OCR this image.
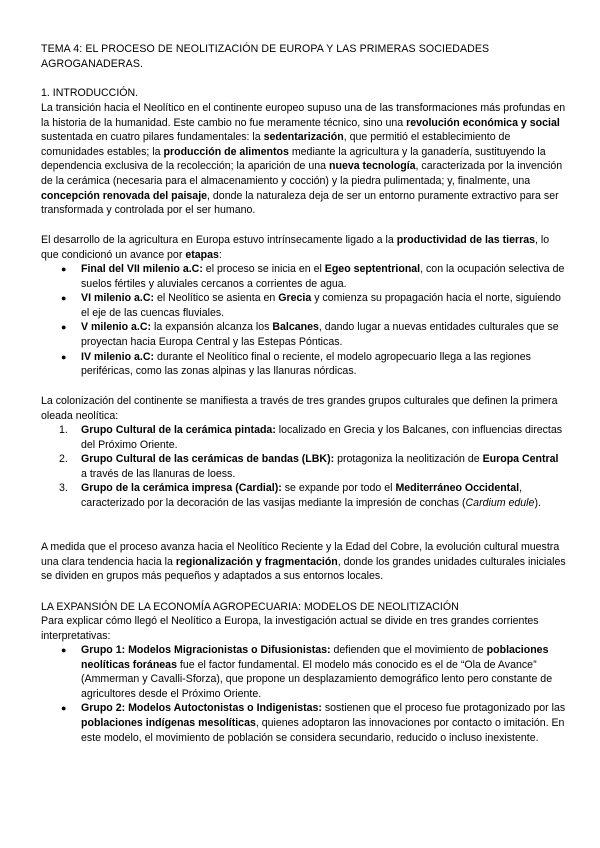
TEMA 4: EL PROCESO DE NEOLITIZACIÓN DE EUROPA Y LAS PRIMERAS SOCIEDADES AGROGANADERAS.

1. INTRODUCCIÓN.

La transición hacia el Neolítico en el continente europeo supuso una de las transformaciones más profundas en la historia de la humanidad. Este cambio no fue meramente técnico, sino una revolución económica y social sustentada en cuatro pilares fundamentales: la sedentarización, que permitió el establecimiento de comunidades estables; la producción de alimentos mediante la agricultura y la ganadería, sustituyendo la dependencia exclusiva de la recolección; la aparición de una nueva tecnología, caracterizada por la invención de la cerámica (necesaria para el almacenamiento y cocción) y la piedra pulimentada; y, finalmente, una concepción renovada del paisaje, donde la naturaleza deja de ser un entorno puramente extractivo para ser transformada y controlada por el ser humano.

El desarrollo de la agricultura en Europa estuvo intrínsecamente ligado a la productividad de las tierras, lo que condicionó un avance por etapas:

● Final del VII milenio a.C: el proceso se inicia en el Egeo septentrional, con la ocupación selectiva de suelos fértiles y aluviales cercanos a corrientes de agua.
● VI milenio a.C: el Neolítico se asienta en Grecia y comienza su propagación hacia el norte, siguiendo el eje de las cuencas fluviales.
● V milenio a.C: la expansión alcanza los Balcanes, dando lugar a nuevas entidades culturales que se proyectan hacia Europa Central y las Estepas Pónticas.
● IV milenio a.C: durante el Neolítico final o reciente, el modelo agropecuario llega a las regiones periféricas, como las zonas alpinas y las llanuras nórdicas.

La colonización del continente se manifiesta a través de tres grandes grupos culturales que definen la primera oleada neolítica:

1. Grupo Cultural de la cerámica pintada: localizado en Grecia y los Balcanes, con influencias directas del Próximo Oriente.
2. Grupo Cultural de las cerámicas de bandas (LBK): protagoniza la neolitización de Europa Central a través de las llanuras de loess.
3. Grupo de la cerámica impresa (Cardial): se expande por todo el Mediterráneo Occidental, caracterizado por la decoración de las vasijas mediante la impresión de conchas (Cardium edule).

A medida que el proceso avanza hacia el Neolítico Reciente y la Edad del Cobre, la evolución cultural muestra una clara tendencia hacia la regionalización y fragmentación, donde los grandes unidades culturales iniciales se dividen en grupos más pequeños y adaptados a sus entornos locales.

LA EXPANSIÓN DE LA ECONOMÍA AGROPECUARIA: MODELOS DE NEOLITIZACIÓN

Para explicar cómo llegó el Neolítico a Europa, la investigación actual se divide en tres grandes corrientes interpretativas:

● Grupo 1: Modelos Migracionistas o Difusionistas: defienden que el movimiento de poblaciones neolíticas foráneas fue el factor fundamental. El modelo más conocido es el de “Ola de Avance” (Ammerman y Cavalli-Sforza), que propone un desplazamiento demográfico lento pero constante de agricultores desde el Próximo Oriente.
● Grupo 2: Modelos Autoctonistas o Indigenistas: sostienen que el proceso fue protagonizado por las poblaciones indígenas mesolíticas, quienes adoptaron las innovaciones por contacto o imitación. En este modelo, el movimiento de población se considera secundario, reducido o incluso inexistente.
